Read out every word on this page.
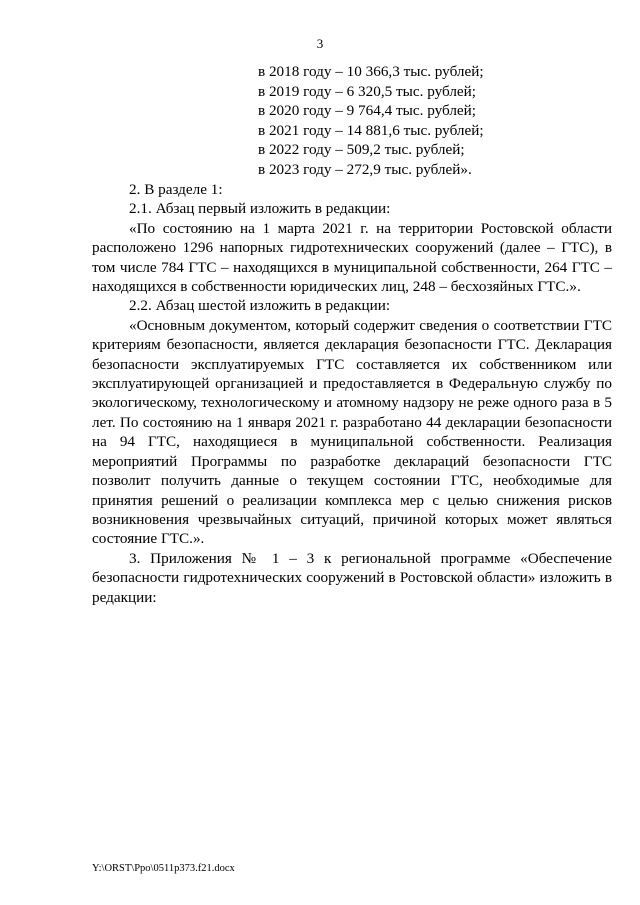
3
в 2018 году – 10 366,3 тыс. рублей;
в 2019 году – 6 320,5 тыс. рублей;
в 2020 году – 9 764,4 тыс. рублей;
в 2021 году – 14 881,6 тыс. рублей;
в 2022 году – 509,2 тыс. рублей;
в 2023 году – 272,9 тыс. рублей».

2. В разделе 1:

2.1. Абзац первый изложить в редакции:

«По состоянию на 1 марта 2021 г. на территории Ростовской области расположено 1296 напорных гидротехнических сооружений (далее – ГТС), в том числе 784 ГТС – находящихся в муниципальной собственности, 264 ГТС – находящихся в собственности юридических лиц, 248 – бесхозяйных ГТС.».

2.2. Абзац шестой изложить в редакции:

«Основным документом, который содержит сведения о соответствии ГТС критериям безопасности, является декларация безопасности ГТС. Декларация безопасности эксплуатируемых ГТС составляется их собственником или эксплуатирующей организацией и предоставляется в Федеральную службу по экологическому, технологическому и атомному надзору не реже одного раза в 5 лет. По состоянию на 1 января 2021 г. разработано 44 декларации безопасности на 94 ГТС, находящиеся в муниципальной собственности. Реализация мероприятий Программы по разработке деклараций безопасности ГТС позволит получить данные о текущем состоянии ГТС, необходимые для принятия решений о реализации комплекса мер с целью снижения рисков возникновения чрезвычайных ситуаций, причиной которых может являться состояние ГТС.».

3. Приложения № 1 – 3 к региональной программе «Обеспечение безопасности гидротехнических сооружений в Ростовской области» изложить в редакции:

Y:\ORST\Ppo\0511p373.f21.docx
